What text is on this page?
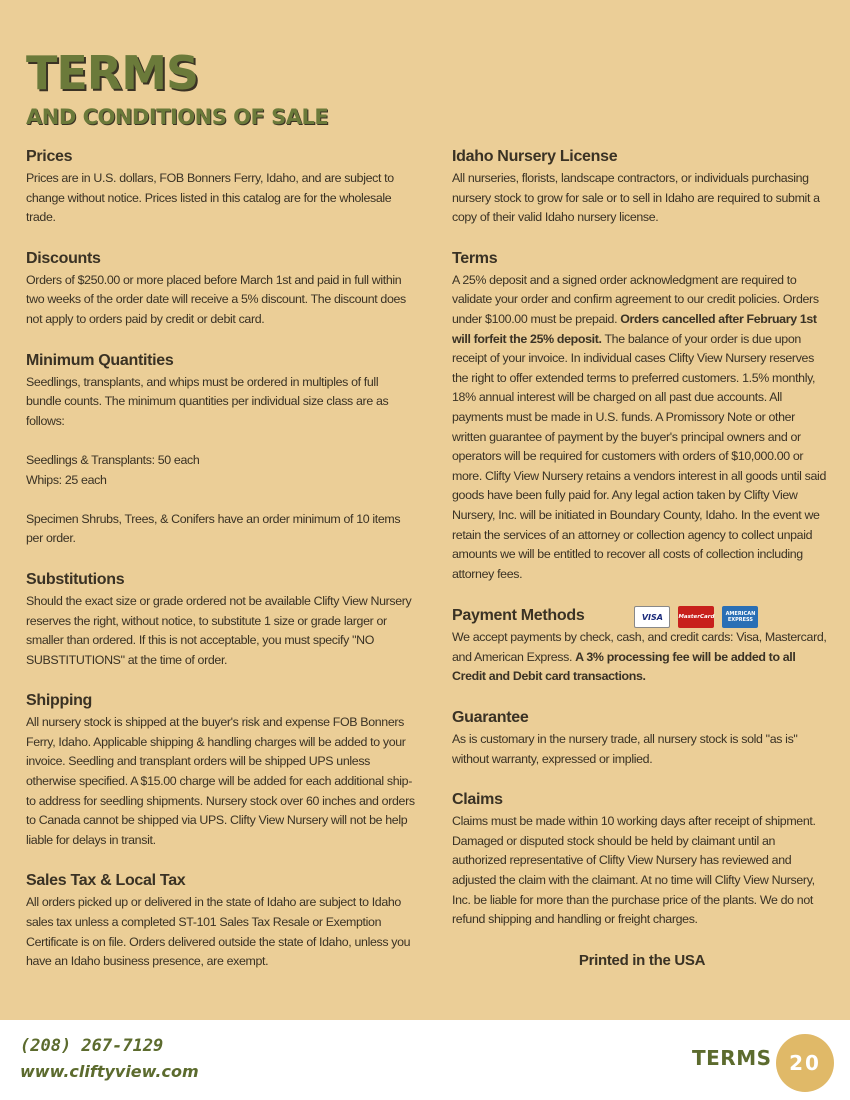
TERMS
AND CONDITIONS OF SALE
Prices

Prices are in U.S. dollars, FOB Bonners Ferry, Idaho, and are subject to change without notice. Prices listed in this catalog are for the wholesale trade.

Discounts

Orders of $250.00 or more placed before March 1st and paid in full within two weeks of the order date will receive a 5% discount. The discount does not apply to orders paid by credit or debit card.

Minimum Quantities

Seedlings, transplants, and whips must be ordered in multiples of full bundle counts. The minimum quantities per individual size class are as follows:

Seedlings & Transplants: 50 each

Whips: 25 each

Specimen Shrubs, Trees, & Conifers have an order minimum of 10 items per order.

Substitutions

Should the exact size or grade ordered not be available Clifty View Nursery reserves the right, without notice, to substitute 1 size or grade larger or smaller than ordered. If this is not acceptable, you must specify "NO SUBSTITUTIONS" at the time of order.

Shipping

All nursery stock is shipped at the buyer's risk and expense FOB Bonners Ferry, Idaho. Applicable shipping & handling charges will be added to your invoice. Seedling and transplant orders will be shipped UPS unless otherwise specified. A $15.00 charge will be added for each additional ship-to address for seedling shipments. Nursery stock over 60 inches and orders to Canada cannot be shipped via UPS. Clifty View Nursery will not be help liable for delays in transit.

Sales Tax & Local Tax

All orders picked up or delivered in the state of Idaho are subject to Idaho sales tax unless a completed ST-101 Sales Tax Resale or Exemption Certificate is on file. Orders delivered outside the state of Idaho, unless you have an Idaho business presence, are exempt.

Idaho Nursery License

All nurseries, florists, landscape contractors, or individuals purchasing nursery stock to grow for sale or to sell in Idaho are required to submit a copy of their valid Idaho nursery license.

Terms

A 25% deposit and a signed order acknowledgment are required to validate your order and confirm agreement to our credit policies. Orders under $100.00 must be prepaid. Orders cancelled after February 1st will forfeit the 25% deposit. The balance of your order is due upon receipt of your invoice. In individual cases Clifty View Nursery reserves the right to offer extended terms to preferred customers. 1.5% monthly, 18% annual interest will be charged on all past due accounts. All payments must be made in U.S. funds. A Promissory Note or other written guarantee of payment by the buyer's principal owners and or operators will be required for customers with orders of $10,000.00 or more. Clifty View Nursery retains a vendors interest in all goods until said goods have been fully paid for. Any legal action taken by Clifty View Nursery, Inc. will be initiated in Boundary County, Idaho. In the event we retain the services of an attorney or collection agency to collect unpaid amounts we will be entitled to recover all costs of collection including attorney fees.

Payment Methods	VISA	MasterCard	AMERICAN EXPRESS

We accept payments by check, cash, and credit cards: Visa, Mastercard, and American Express. A 3% processing fee will be added to all Credit and Debit card transactions.

Guarantee

As is customary in the nursery trade, all nursery stock is sold "as is" without warranty, expressed or implied.

Claims

Claims must be made within 10 working days after receipt of shipment. Damaged or disputed stock should be held by claimant until an authorized representative of Clifty View Nursery has reviewed and adjusted the claim with the claimant. At no time will Clifty View Nursery, Inc. be liable for more than the purchase price of the plants. We do not refund shipping and handling or freight charges.

Printed in the USA
(208) 267-7129
www.cliftyview.com
TERMS 20
